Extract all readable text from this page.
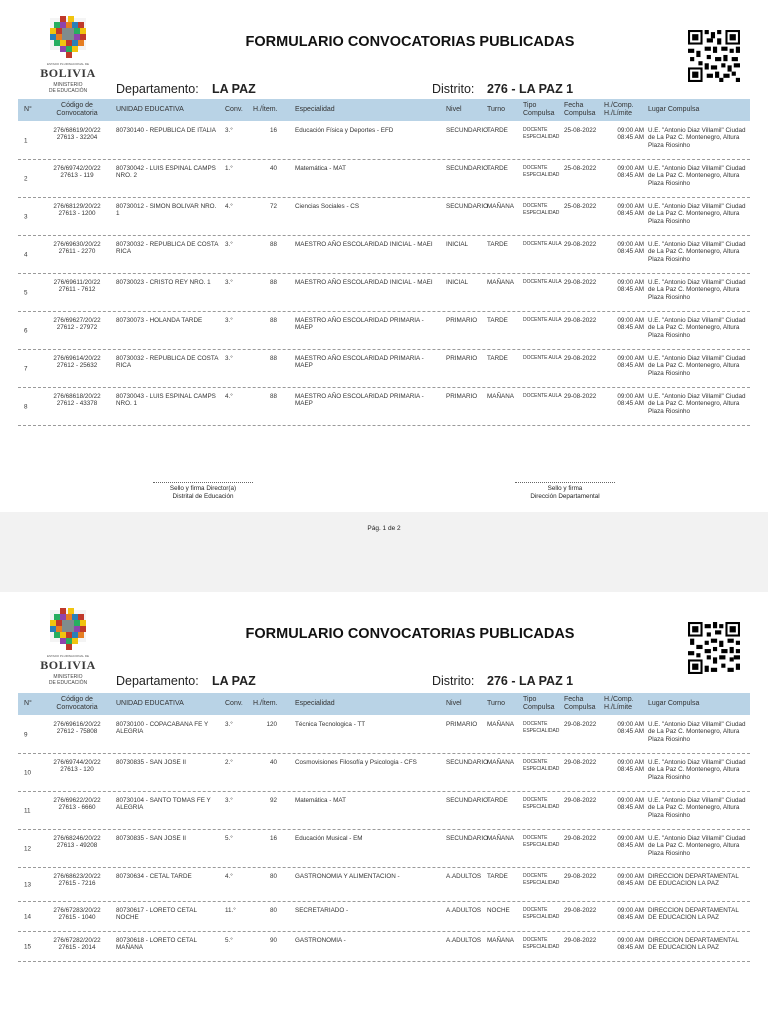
ESTADO PLURINACIONAL DE
BOLIVIA
MINISTERIO
DE EDUCACIÓN
FORMULARIO CONVOCATORIAS PUBLICADAS
Departamento: LA PAZ	Distrito: 276 - LA PAZ 1
N°
Código de Convocatoria
UNIDAD EDUCATIVA	Conv.	H./Ítem.	Especialidad	Nivel	Turno
Tipo Compulsa
Fecha Compulsa
H./Comp. H./Límite
Lugar Compulsa
1
276/68619/20/22 27613 - 32204
80730140 - REPUBLICA DE ITALIA	3.°	16	Educación Física y Deportes - EFD	SECUNDARIO TARDE	DOCENTE ESPECIALIDAD
25-08-2022	09:00 AM 08:45 AM
U.E. "Antonio Diaz Villamil" Ciudad de La Paz C. Montenegro, Altura Plaza Riosinho
2
276/69742/20/22 27613 - 119
80730042 - LUIS ESPINAL CAMPS NRO. 2
1.°	40	Matemática - MAT	SECUNDARIO TARDE	DOCENTE ESPECIALIDAD
25-08-2022	09:00 AM 08:45 AM
U.E. "Antonio Diaz Villamil" Ciudad de La Paz C. Montenegro, Altura Plaza Riosinho
3
276/68129/20/22 27613 - 1200
80730012 - SIMON BOLIVAR NRO. 1
4.°	72	Ciencias Sociales - CS	SECUNDARIO MAÑANA	DOCENTE ESPECIALIDAD
25-08-2022	09:00 AM 08:45 AM
U.E. "Antonio Diaz Villamil" Ciudad de La Paz C. Montenegro, Altura Plaza Riosinho
4
276/69630/20/22 27611 - 2270
80730032 - REPUBLICA DE COSTA RICA
3.°	88	MAESTRO AÑO ESCOLARIDAD INICIAL - MAEI	INICIAL	TARDE	DOCENTE AULA 29-08-2022	09:00 AM 08:45 AM
U.E. "Antonio Diaz Villamil" Ciudad de La Paz C. Montenegro, Altura Plaza Riosinho
5
276/69611/20/22 27611 - 7612
80730023 - CRISTO REY NRO. 1	3.°	88	MAESTRO AÑO ESCOLARIDAD INICIAL - MAEI	INICIAL	MAÑANA	DOCENTE AULA 29-08-2022	09:00 AM 08:45 AM
U.E. "Antonio Diaz Villamil" Ciudad de La Paz C. Montenegro, Altura Plaza Riosinho
6
276/69627/20/22 27612 - 27972
80730073 - HOLANDA TARDE	3.°	88	MAESTRO AÑO ESCOLARIDAD PRIMARIA - MAEP
PRIMARIO	TARDE	DOCENTE AULA 29-08-2022	09:00 AM 08:45 AM
U.E. "Antonio Diaz Villamil" Ciudad de La Paz C. Montenegro, Altura Plaza Riosinho
7
276/69614/20/22 27612 - 25632
80730032 - REPUBLICA DE COSTA RICA
3.°	88	MAESTRO AÑO ESCOLARIDAD PRIMARIA - MAEP
PRIMARIO	TARDE	DOCENTE AULA 29-08-2022	09:00 AM 08:45 AM
U.E. "Antonio Diaz Villamil" Ciudad de La Paz C. Montenegro, Altura Plaza Riosinho
8
276/68618/20/22 27612 - 43378
80730043 - LUIS ESPINAL CAMPS NRO. 1
4.°	88	MAESTRO AÑO ESCOLARIDAD PRIMARIA - MAEP
PRIMARIO	MAÑANA	DOCENTE AULA 29-08-2022	09:00 AM 08:45 AM
U.E. "Antonio Diaz Villamil" Ciudad de La Paz C. Montenegro, Altura Plaza Riosinho
Sello y firma Director(a)
Distrital de Educación
Sello y firma
Dirección Departamental
Pág. 1 de 2
ESTADO PLURINACIONAL DE
BOLIVIA
MINISTERIO
DE EDUCACIÓN
FORMULARIO CONVOCATORIAS PUBLICADAS
Departamento: LA PAZ	Distrito: 276 - LA PAZ 1
N°
Código de Convocatoria
UNIDAD EDUCATIVA	Conv.	H./Ítem.	Especialidad	Nivel	Turno
Tipo Compulsa
Fecha Compulsa
H./Comp. H./Límite
Lugar Compulsa
9
276/69616/20/22 27612 - 75808
80730100 - COPACABANA FE Y ALEGRIA
3.°	120	Técnica Tecnologica - TT	PRIMARIO	MAÑANA	DOCENTE ESPECIALIDAD
29-08-2022	09:00 AM 08:45 AM
U.E. "Antonio Diaz Villamil" Ciudad de La Paz C. Montenegro, Altura Plaza Riosinho
10
276/69744/20/22 27613 - 120
80730835 - SAN JOSE II	2.°	40	Cosmovisiones Filosofía y Psicologia - CFS	SECUNDARIO MAÑANA	DOCENTE ESPECIALIDAD
29-08-2022	09:00 AM 08:45 AM
U.E. "Antonio Diaz Villamil" Ciudad de La Paz C. Montenegro, Altura Plaza Riosinho
11
276/69622/20/22 27613 - 6660
80730104 - SANTO TOMAS FE Y ALEGRIA
3.°	92	Matemática - MAT	SECUNDARIO TARDE	DOCENTE ESPECIALIDAD
29-08-2022	09:00 AM 08:45 AM
U.E. "Antonio Diaz Villamil" Ciudad de La Paz C. Montenegro, Altura Plaza Riosinho
12
276/68246/20/22 27613 - 49208
80730835 - SAN JOSE II	5.°	16	Educación Musical - EM	SECUNDARIO MAÑANA	DOCENTE ESPECIALIDAD
29-08-2022	09:00 AM 08:45 AM
U.E. "Antonio Diaz Villamil" Ciudad de La Paz C. Montenegro, Altura Plaza Riosinho
13
276/68623/20/22 27615 - 7216
80730634 - CETAL TARDE	4.°	80	GASTRONOMIA Y ALIMENTACION -	A.ADULTOS TARDE	DOCENTE ESPECIALIDAD
29-08-2022	09:00 AM 08:45 AM
DIRECCION DEPARTAMENTAL DE EDUCACION LA PAZ
14
276/67283/20/22 27615 - 1040
80730617 - LORETO CETAL NOCHE
11.°	80	SECRETARIADO -	A.ADULTOS NOCHE	DOCENTE ESPECIALIDAD
29-08-2022	09:00 AM 08:45 AM
DIRECCION DEPARTAMENTAL DE EDUCACION LA PAZ
15
276/67282/20/22 27615 - 2014
80730618 - LORETO CETAL MAÑANA
5.°	90	GASTRONOMIA -	A.ADULTOS MAÑANA	DOCENTE ESPECIALIDAD
29-08-2022	09:00 AM 08:45 AM
DIRECCION DEPARTAMENTAL DE EDUCACION LA PAZ
